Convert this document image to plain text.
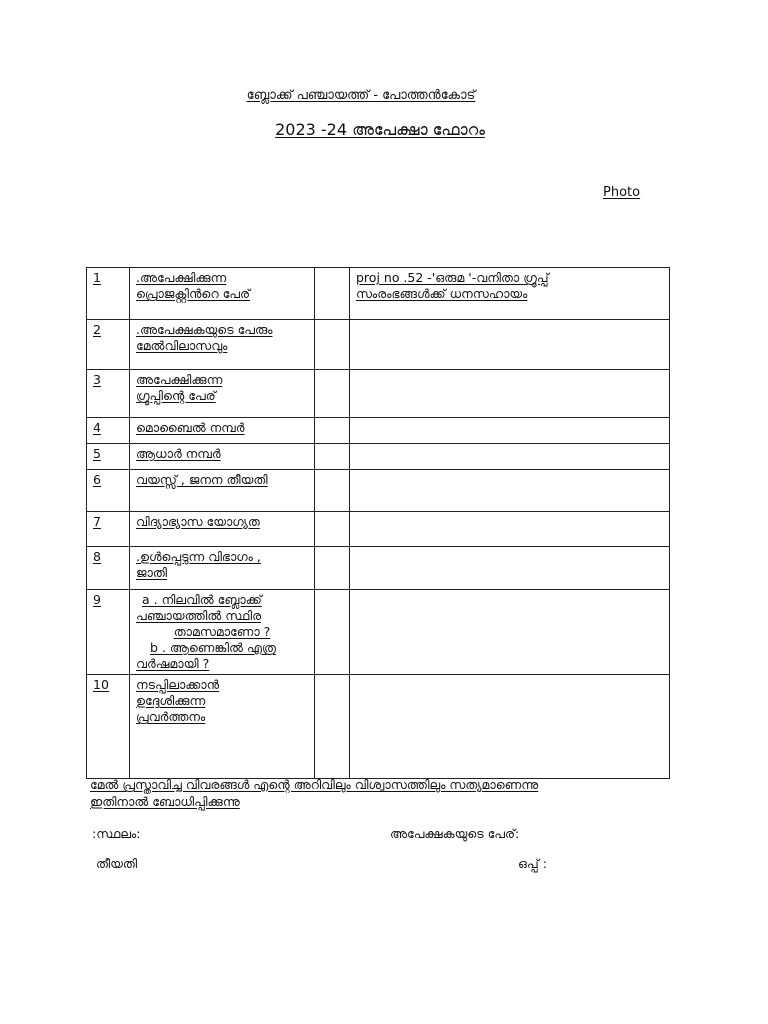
ബ്ലോക്ക് പഞ്ചായത്ത് - പോത്തൻകോട്
2023 -24 അപേക്ഷാ ഫോറം
Photo
1	.അപേക്ഷിക്കുന്ന
പ്രൊജക്റ്റിൻറെ പേര്		proj no .52 -'ഒരുമ '-വനിതാ ഗ്രൂപ്പ്
സംരംഭങ്ങൾക്ക് ധനസഹായം

2	.അപേക്ഷകയുടെ പേരും
മേൽവിലാസവും		

3	അപേക്ഷിക്കുന്ന
ഗ്രൂപ്പിന്റെ പേര്		

4	മൊബൈൽ നമ്പർ		

5	ആധാർ നമ്പർ		

6	വയസ്സ് , ജനന തീയതി		

7	വിദ്യാഭ്യാസ യോഗ്യത		

8	.ഉൾപ്പെടുന്ന വിഭാഗം ,
ജാതി		

9	a . നിലവിൽ ബ്ലോക്ക്
പഞ്ചായത്തിൽ സ്ഥിര
താമസമാണോ ?
b . ആണെങ്കിൽ എത്ര
വർഷമായി ?		

10	നടപ്പിലാക്കാൻ
ഉദ്ദേശിക്കുന്ന
പ്രവർത്തനം		

മേൽ പ്രസ്താവിച്ച വിവരങ്ങൾ എന്റെ അറിവിലും വിശ്വാസത്തിലും സത്യമാണെന്നു
ഇതിനാൽ ബോധിപ്പിക്കുന്നു
:സ്ഥലം:	അപേക്ഷകയുടെ പേര്:
തീയതി	ഒപ്പ് :
